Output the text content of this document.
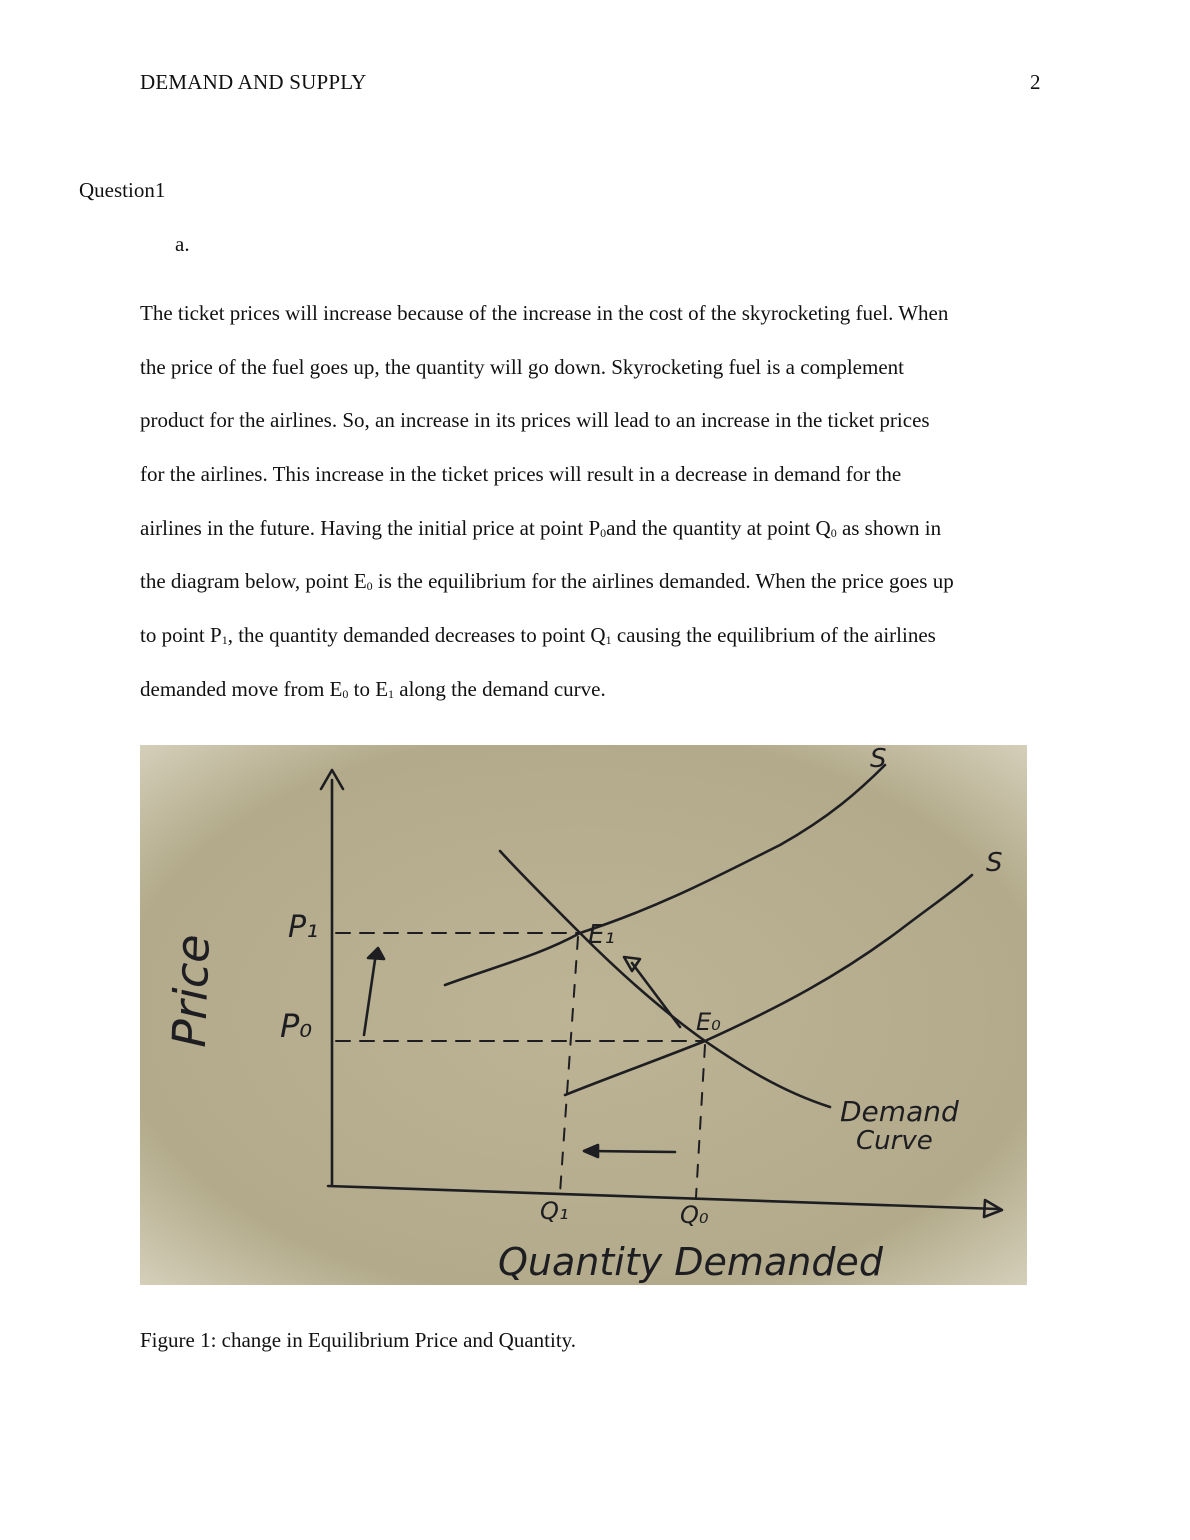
DEMAND AND SUPPLY	2
Question1
a.
The ticket prices will increase because of the increase in the cost of the skyrocketing fuel. When
the price of the fuel goes up, the quantity will go down. Skyrocketing fuel is a complement
product for the airlines. So, an increase in its prices will lead to an increase in the ticket prices
for the airlines. This increase in the ticket prices will result in a decrease in demand for the
airlines in the future. Having the initial price at point $P_0and$ the quantity at point $Q_0$ as shown in
the diagram below, point $E_0$ is the equilibrium for the airlines demanded. When the price goes up
to point $P_1$, the quantity demanded decreases to point $Q_1$ causing the equilibrium of the airlines
demanded move from $E_0$ to $E_1$ along the demand curve.
Price
P₁
P₀
E₁
E₀
S
S
Demand
Curve
Q₁	Q₀
Quantity Demanded
Figure 1: change in Equilibrium Price and Quantity.
